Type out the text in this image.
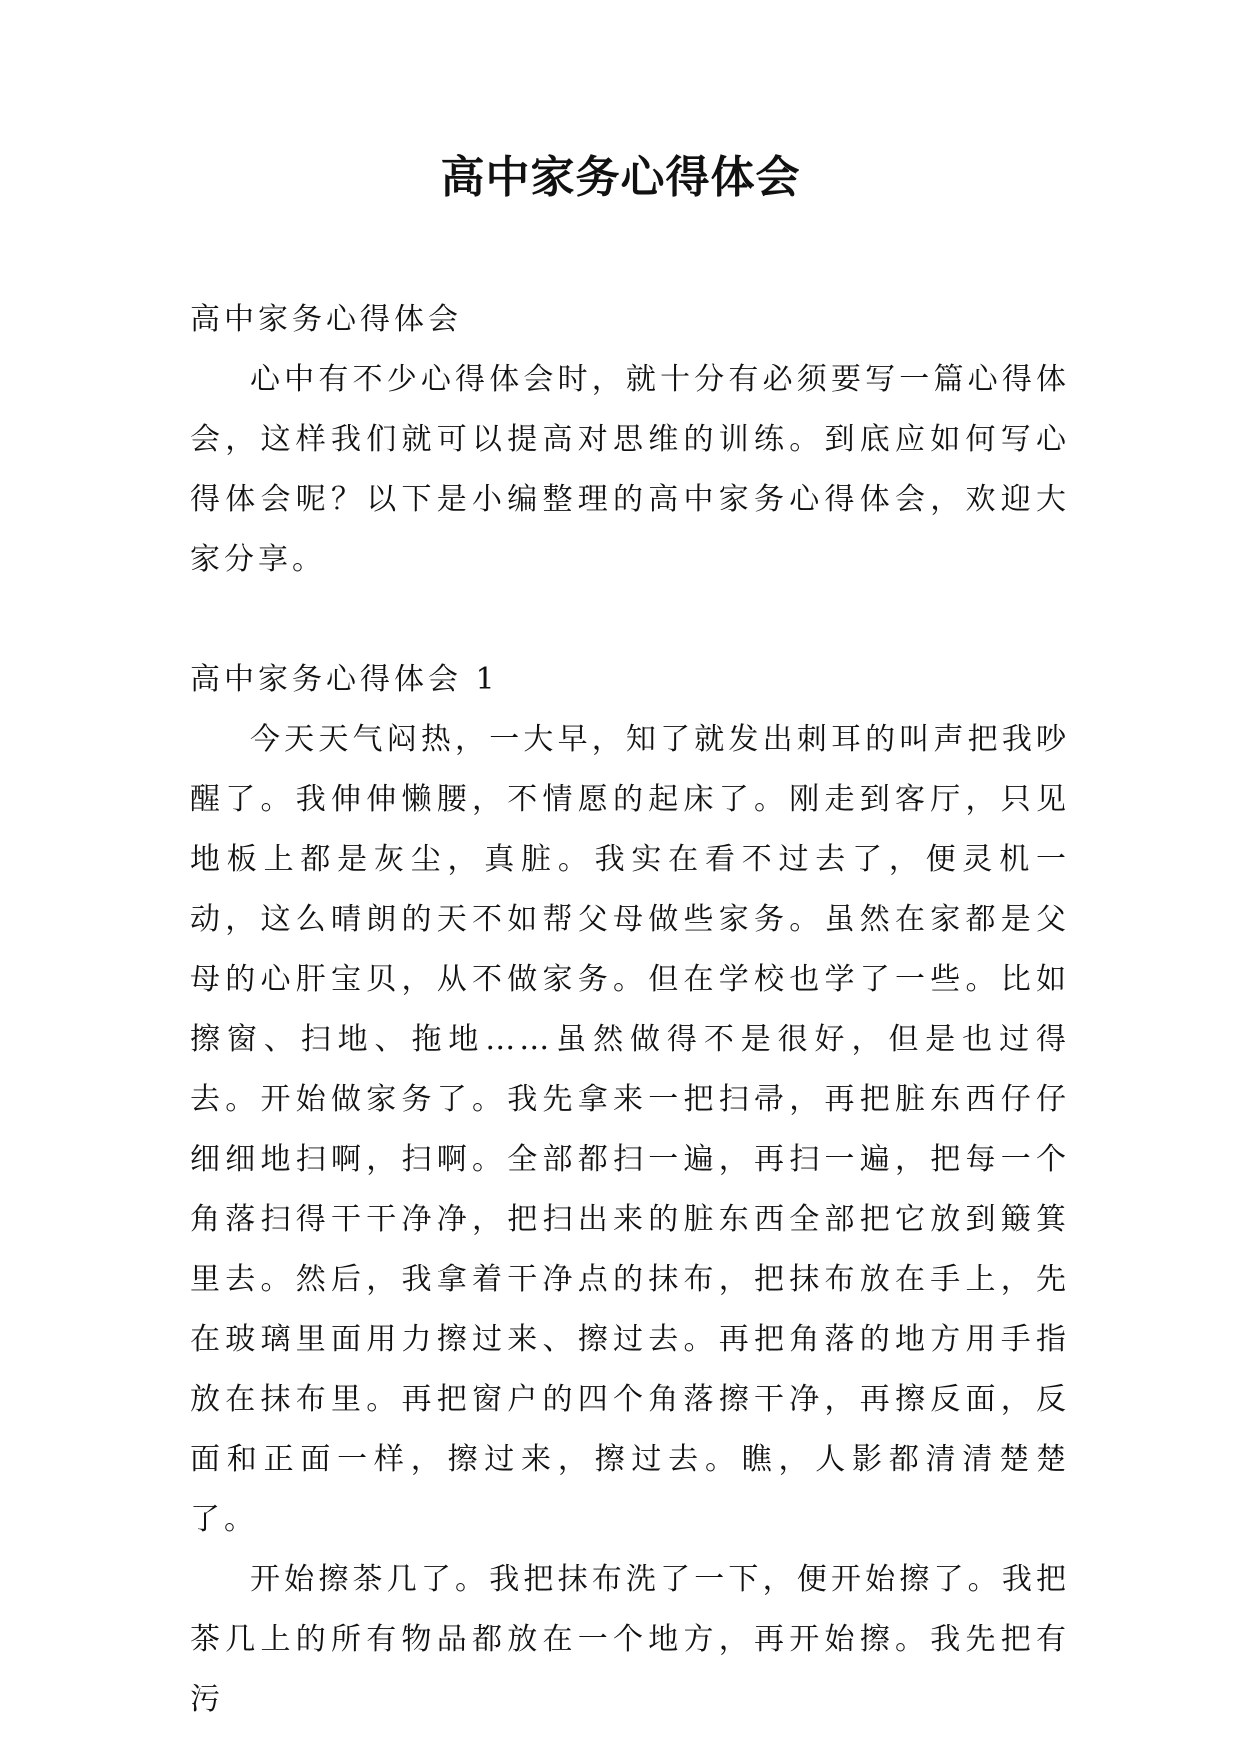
高中家务心得体会

高中家务心得体会

心中有不少心得体会时，就十分有必须要写一篇心得体会，这样我们就可以提高对思维的训练。到底应如何写心得体会呢？以下是小编整理的高中家务心得体会，欢迎大家分享。

高中家务心得体会 1

今天天气闷热，一大早，知了就发出刺耳的叫声把我吵醒了。我伸伸懒腰，不情愿的起床了。刚走到客厅，只见地板上都是灰尘，真脏。我实在看不过去了，便灵机一动，这么晴朗的天不如帮父母做些家务。虽然在家都是父母的心肝宝贝，从不做家务。但在学校也学了一些。比如擦窗、扫地、拖地……虽然做得不是很好，但是也过得去。开始做家务了。我先拿来一把扫帚，再把脏东西仔仔细细地扫啊，扫啊。全部都扫一遍，再扫一遍，把每一个角落扫得干干净净，把扫出来的脏东西全部把它放到簸箕里去。然后，我拿着干净点的抹布，把抹布放在手上，先在玻璃里面用力擦过来、擦过去。再把角落的地方用手指放在抹布里。再把窗户的四个角落擦干净，再擦反面，反面和正面一样，擦过来，擦过去。瞧，人影都清清楚楚了。

开始擦茶几了。我把抹布洗了一下，便开始擦了。我把茶几上的所有物品都放在一个地方，再开始擦。我先把有污
